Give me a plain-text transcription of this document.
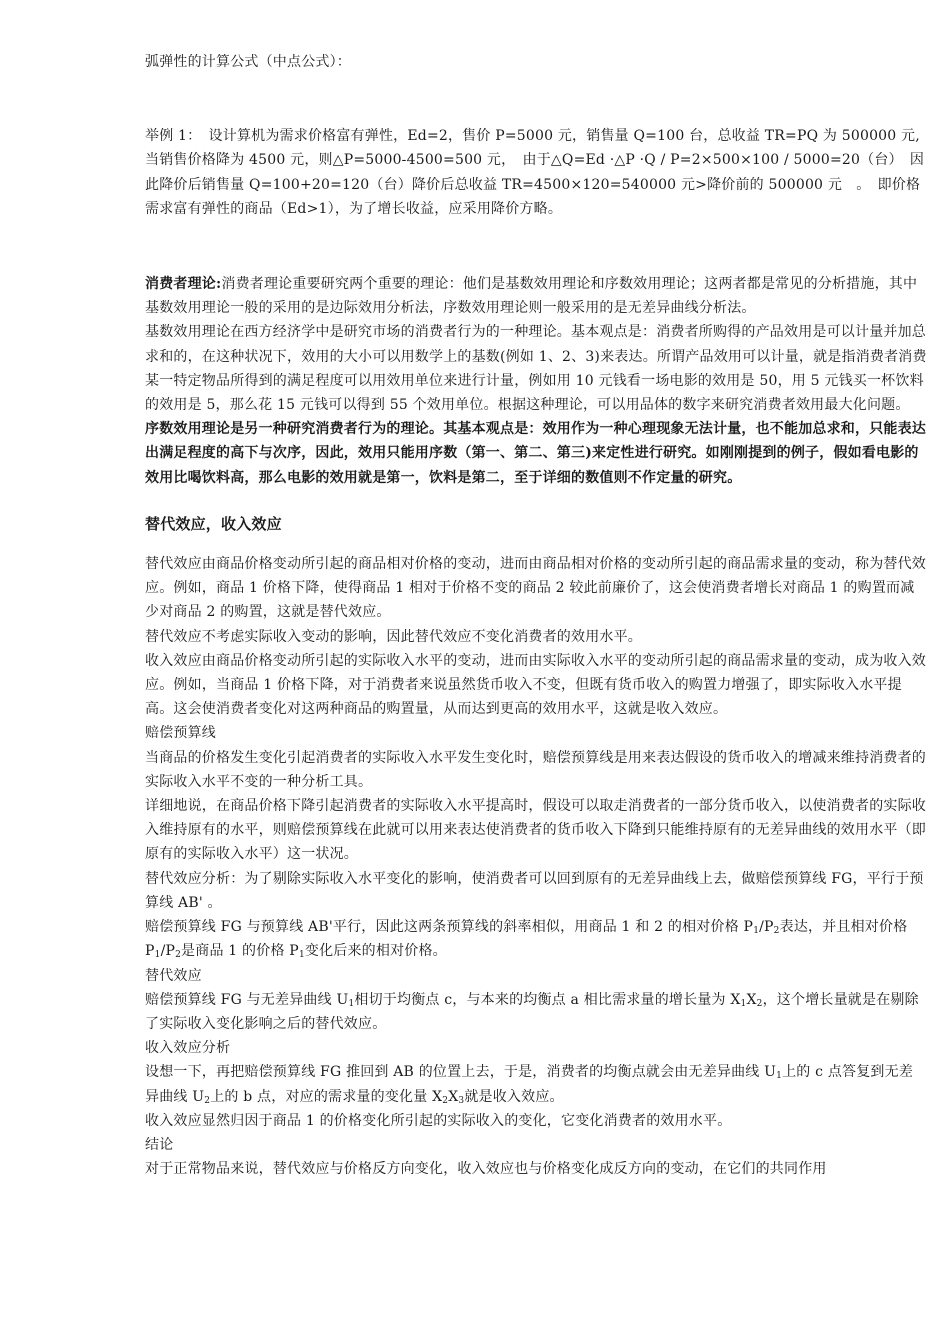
弧弹性的计算公式（中点公式）：

举例 1：　设计算机为需求价格富有弹性，Ed=2，售价 P=5000 元，销售量 Q=100 台，总收益 TR=PQ 为 500000 元,当销售价格降为 4500 元，则△P=5000-4500=500 元，　由于△Q=Ed ·△P ·Q / P=2×500×100 / 5000=20（台）　因此降价后销售量 Q=100+20=120（台）降价后总收益 TR=4500×120=540000 元>降价前的 500000 元　。　即价格需求富有弹性的商品（Ed>1），为了增长收益，应采用降价方略。

消费者理论:消费者理论重要研究两个重要的理论：他们是基数效用理论和序数效用理论；这两者都是常见的分析措施，其中基数效用理论一般的采用的是边际效用分析法，序数效用理论则一般采用的是无差异曲线分析法。

基数效用理论在西方经济学中是研究市场的消费者行为的一种理论。基本观点是：消费者所购得的产品效用是可以计量并加总求和的，在这种状况下，效用的大小可以用数学上的基数(例如 1、2、3)来表达。所谓产品效用可以计量，就是指消费者消费某一特定物品所得到的满足程度可以用效用单位来进行计量，例如用 10 元钱看一场电影的效用是 50，用 5 元钱买一杯饮料的效用是 5，那么花 15 元钱可以得到 55 个效用单位。根据这种理论，可以用品体的数字来研究消费者效用最大化问题。

序数效用理论是另一种研究消费者行为的理论。其基本观点是：效用作为一种心理现象无法计量，也不能加总求和，只能表达出满足程度的高下与次序，因此，效用只能用序数（第一、第二、第三)来定性进行研究。如刚刚提到的例子，假如看电影的效用比喝饮料高，那么电影的效用就是第一，饮料是第二，至于详细的数值则不作定量的研究。

替代效应，收入效应

替代效应由商品价格变动所引起的商品相对价格的变动，进而由商品相对价格的变动所引起的商品需求量的变动，称为替代效应。例如，商品 1 价格下降，使得商品 1 相对于价格不变的商品 2 较此前廉价了，这会使消费者增长对商品 1 的购置而减少对商品 2 的购置，这就是替代效应。

替代效应不考虑实际收入变动的影响，因此替代效应不变化消费者的效用水平。

收入效应由商品价格变动所引起的实际收入水平的变动，进而由实际收入水平的变动所引起的商品需求量的变动，成为收入效应。例如，当商品 1 价格下降，对于消费者来说虽然货币收入不变，但既有货币收入的购置力增强了，即实际收入水平提高。这会使消费者变化对这两种商品的购置量，从而达到更高的效用水平，这就是收入效应。

赔偿预算线

当商品的价格发生变化引起消费者的实际收入水平发生变化时，赔偿预算线是用来表达假设的货币收入的增减来维持消费者的实际收入水平不变的一种分析工具。

详细地说，在商品价格下降引起消费者的实际收入水平提高时，假设可以取走消费者的一部分货币收入，以使消费者的实际收入维持原有的水平，则赔偿预算线在此就可以用来表达使消费者的货币收入下降到只能维持原有的无差异曲线的效用水平（即原有的实际收入水平）这一状况。

替代效应分析：为了剔除实际收入水平变化的影响，使消费者可以回到原有的无差异曲线上去，做赔偿预算线 FG，平行于预算线 AB' 。

赔偿预算线 FG 与预算线 AB'平行，因此这两条预算线的斜率相似，用商品 1 和 2 的相对价格 $P_1/P_2$表达，并且相对价格 $P_1/P_2$是商品 1 的价格 $P_1$变化后来的相对价格。

替代效应

赔偿预算线 FG 与无差异曲线 $U_1$相切于均衡点 c，与本来的均衡点 a 相比需求量的增长量为 $X_1X_2$，这个增长量就是在剔除了实际收入变化影响之后的替代效应。

收入效应分析

设想一下，再把赔偿预算线 FG 推回到 AB 的位置上去，于是，消费者的均衡点就会由无差异曲线 $U_1$上的 c 点答复到无差异曲线 $U_2$上的 b 点，对应的需求量的变化量 $X_2X_3$就是收入效应。

收入效应显然归因于商品 1 的价格变化所引起的实际收入的变化，它变化消费者的效用水平。

结论

对于正常物品来说，替代效应与价格反方向变化，收入效应也与价格变化成反方向的变动，在它们的共同作用
